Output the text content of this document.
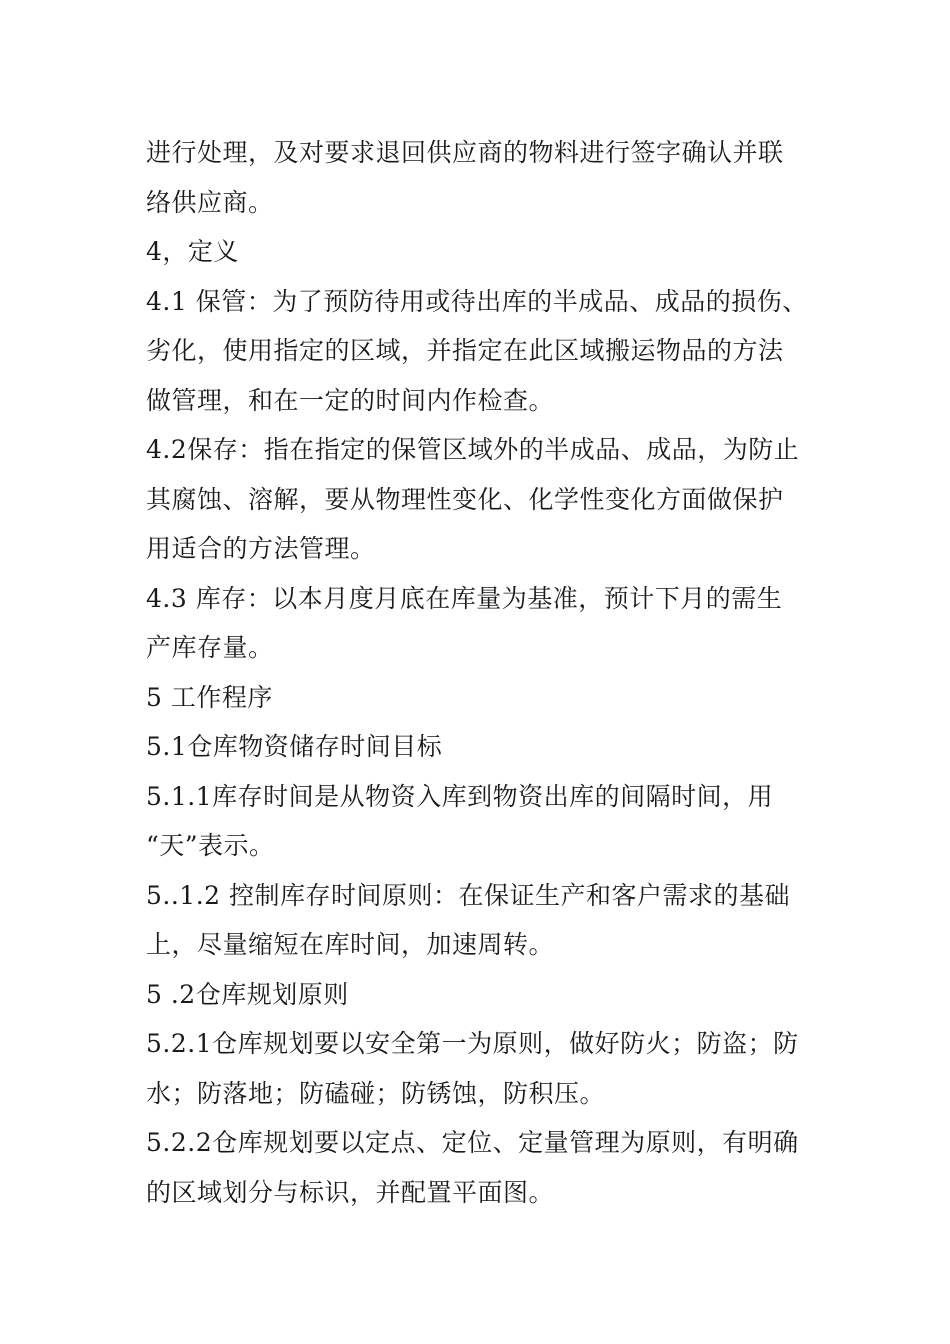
进行处理，及对要求退回供应商的物料进行签字确认并联
络供应商。
4，定义
4.1 保管：为了预防待用或待出库的半成品、成品的损伤、
劣化，使用指定的区域，并指定在此区域搬运物品的方法
做管理，和在一定的时间内作检查。
4.2保存：指在指定的保管区域外的半成品、成品，为防止
其腐蚀、溶解，要从物理性变化、化学性变化方面做保护
用适合的方法管理。
4.3 库存：以本月度月底在库量为基准，预计下月的需生
产库存量。
5 工作程序
5.1仓库物资储存时间目标
5.1.1库存时间是从物资入库到物资出库的间隔时间，用
“天”表示。
5..1.2 控制库存时间原则：在保证生产和客户需求的基础
上，尽量缩短在库时间，加速周转。
5 .2仓库规划原则
5.2.1仓库规划要以安全第一为原则，做好防火；防盗；防
水；防落地；防磕碰；防锈蚀，防积压。
5.2.2仓库规划要以定点、定位、定量管理为原则，有明确
的区域划分与标识，并配置平面图。
